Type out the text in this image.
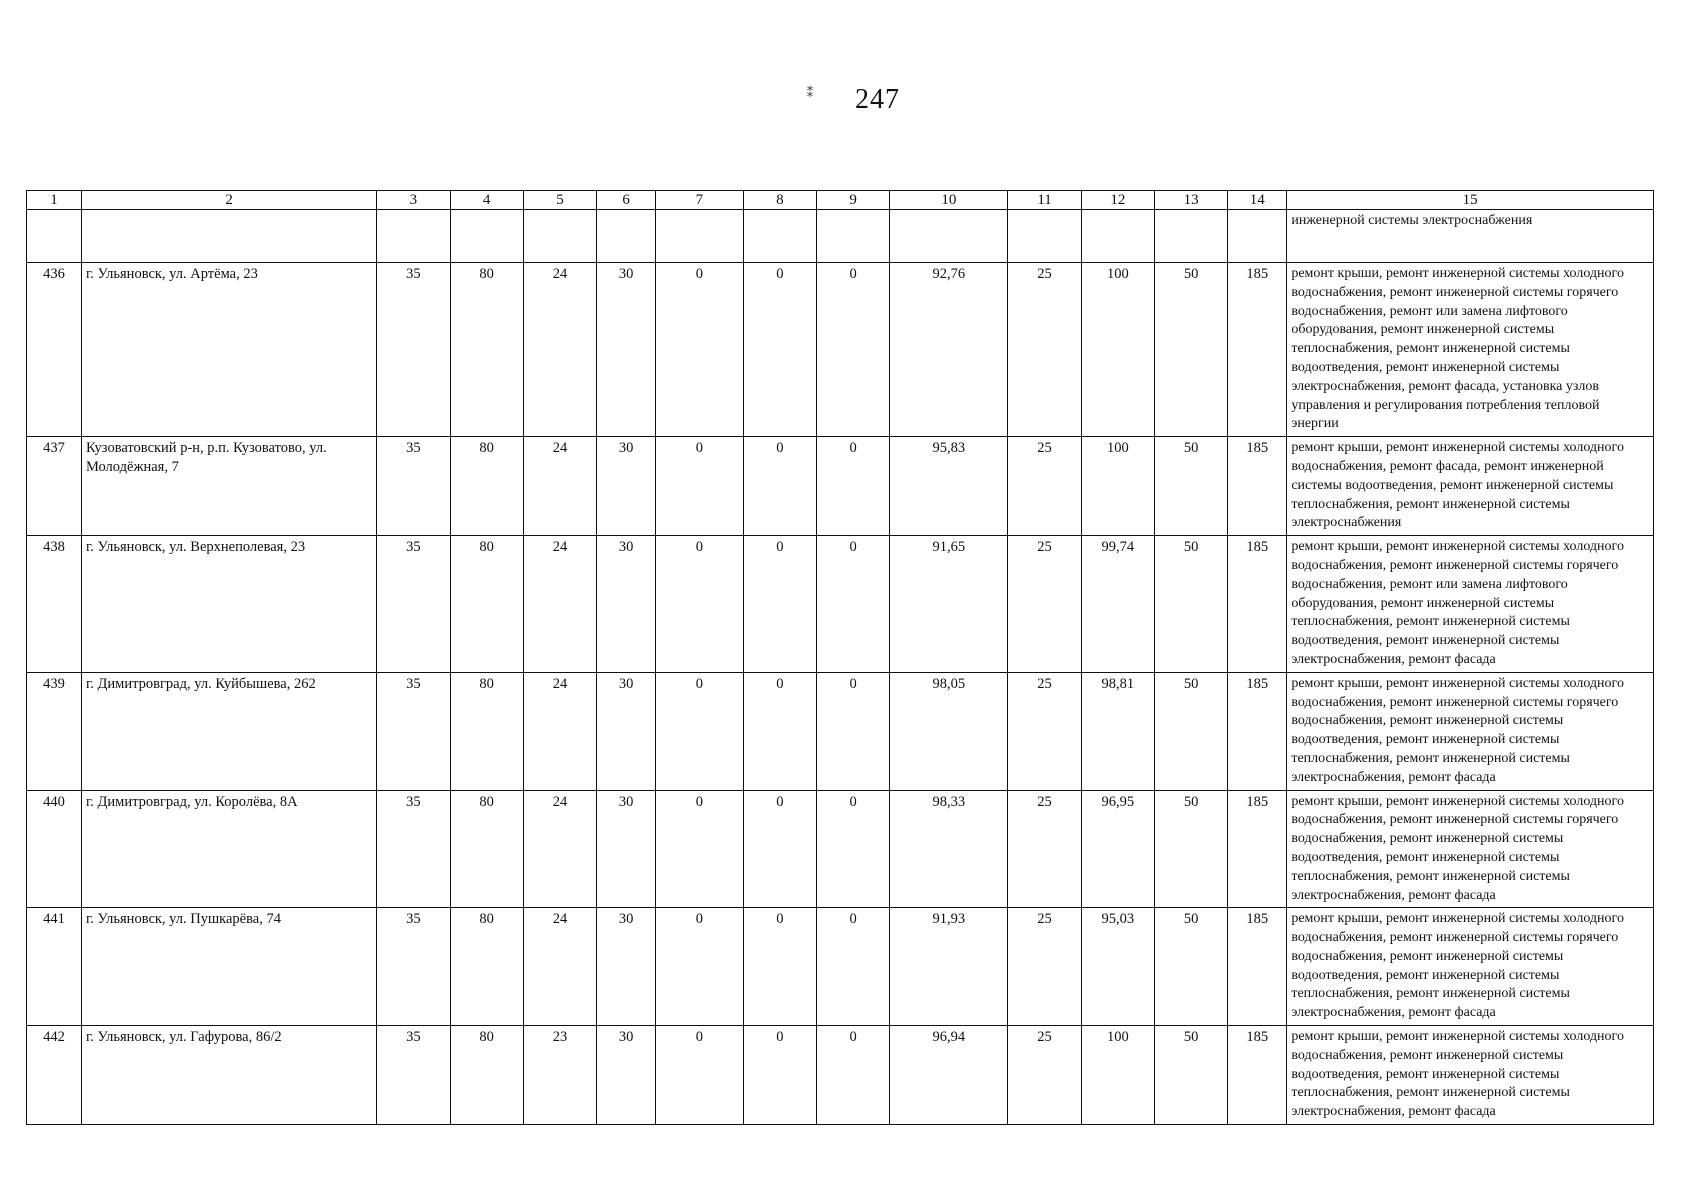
⁑ 247
1	2	3	4	5	6	7	8	9	10	11	12	13	14	15
														инженерной системы электроснабжения
436	г. Ульяновск, ул. Артёма, 23	35	80	24	30	0	0	0	92,76	25	100	50	185	ремонт крыши, ремонт инженерной системы холодного водоснабжения, ремонт инженерной системы горячего водоснабжения, ремонт или замена лифтового оборудования, ремонт инженерной системы теплоснабжения, ремонт инженерной системы водоотведения, ремонт инженерной системы электроснабжения, ремонт фасада, установка узлов управления и регулирования потребления тепловой энергии
437	Кузоватовский р-н, р.п. Кузоватово, ул. Молодёжная, 7	35	80	24	30	0	0	0	95,83	25	100	50	185	ремонт крыши, ремонт инженерной системы холодного водоснабжения, ремонт фасада, ремонт инженерной системы водоотведения, ремонт инженерной системы теплоснабжения, ремонт инженерной системы электроснабжения
438	г. Ульяновск, ул. Верхнеполевая, 23	35	80	24	30	0	0	0	91,65	25	99,74	50	185	ремонт крыши, ремонт инженерной системы холодного водоснабжения, ремонт инженерной системы горячего водоснабжения, ремонт или замена лифтового оборудования, ремонт инженерной системы теплоснабжения, ремонт инженерной системы водоотведения, ремонт инженерной системы электроснабжения, ремонт фасада
439	г. Димитровград, ул. Куйбышева, 262	35	80	24	30	0	0	0	98,05	25	98,81	50	185	ремонт крыши, ремонт инженерной системы холодного водоснабжения, ремонт инженерной системы горячего водоснабжения, ремонт инженерной системы водоотведения, ремонт инженерной системы теплоснабжения, ремонт инженерной системы электроснабжения, ремонт фасада
440	г. Димитровград, ул. Королёва, 8А	35	80	24	30	0	0	0	98,33	25	96,95	50	185	ремонт крыши, ремонт инженерной системы холодного водоснабжения, ремонт инженерной системы горячего водоснабжения, ремонт инженерной системы водоотведения, ремонт инженерной системы теплоснабжения, ремонт инженерной системы электроснабжения, ремонт фасада
441	г. Ульяновск, ул. Пушкарёва, 74	35	80	24	30	0	0	0	91,93	25	95,03	50	185	ремонт крыши, ремонт инженерной системы холодного водоснабжения, ремонт инженерной системы горячего водоснабжения, ремонт инженерной системы водоотведения, ремонт инженерной системы теплоснабжения, ремонт инженерной системы электроснабжения, ремонт фасада
442	г. Ульяновск, ул. Гафурова, 86/2	35	80	23	30	0	0	0	96,94	25	100	50	185	ремонт крыши, ремонт инженерной системы холодного водоснабжения, ремонт инженерной системы водоотведения, ремонт инженерной системы теплоснабжения, ремонт инженерной системы электроснабжения, ремонт фасада
